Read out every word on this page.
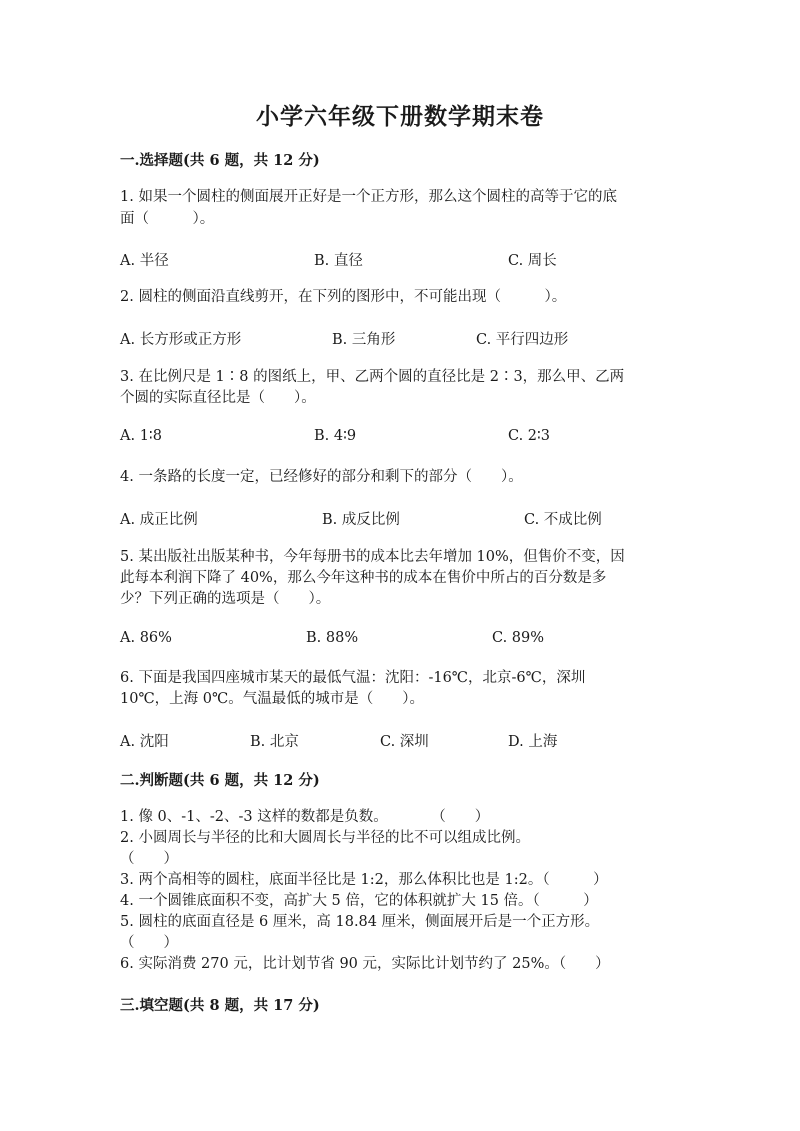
小学六年级下册数学期末卷
一.选择题(共 6 题，共 12 分)
1. 如果一个圆柱的侧面展开正好是一个正方形，那么这个圆柱的高等于它的底
面（　　　）。
A. 半径	B. 直径	C. 周长
2. 圆柱的侧面沿直线剪开，在下列的图形中，不可能出现（　　　）。
A. 长方形或正方形	B. 三角形	C. 平行四边形
3. 在比例尺是 1∶8 的图纸上，甲、乙两个圆的直径比是 2∶3，那么甲、乙两
个圆的实际直径比是（　　）。
A. 1∶8	B. 4∶9	C. 2∶3
4. 一条路的长度一定，已经修好的部分和剩下的部分（　　）。
A. 成正比例	B. 成反比例	C. 不成比例
5. 某出版社出版某种书，今年每册书的成本比去年增加 10%，但售价不变，因
此每本利润下降了 40%，那么今年这种书的成本在售价中所占的百分数是多
少？下列正确的选项是（　　）。
A. 86%	B. 88%	C. 89%
6. 下面是我国四座城市某天的最低气温：沈阳：-16℃，北京-6℃，深圳
10℃，上海 0℃。气温最低的城市是（　　）。
A. 沈阳	B. 北京	C. 深圳	D. 上海
二.判断题(共 6 题，共 12 分)
1. 像 0、-1、-2、-3 这样的数都是负数。　　　　（　　）
2. 小圆周长与半径的比和大圆周长与半径的比不可以组成比例。
（　　）
3. 两个高相等的圆柱，底面半径比是 1:2，那么体积比也是 1:2。（　　　）
4. 一个圆锥底面积不变，高扩大 5 倍，它的体积就扩大 15 倍。（　　　）
5. 圆柱的底面直径是 6 厘米，高 18.84 厘米，侧面展开后是一个正方形。
（　　）
6. 实际消费 270 元，比计划节省 90 元，实际比计划节约了 25%。（　　）
三.填空题(共 8 题，共 17 分)
